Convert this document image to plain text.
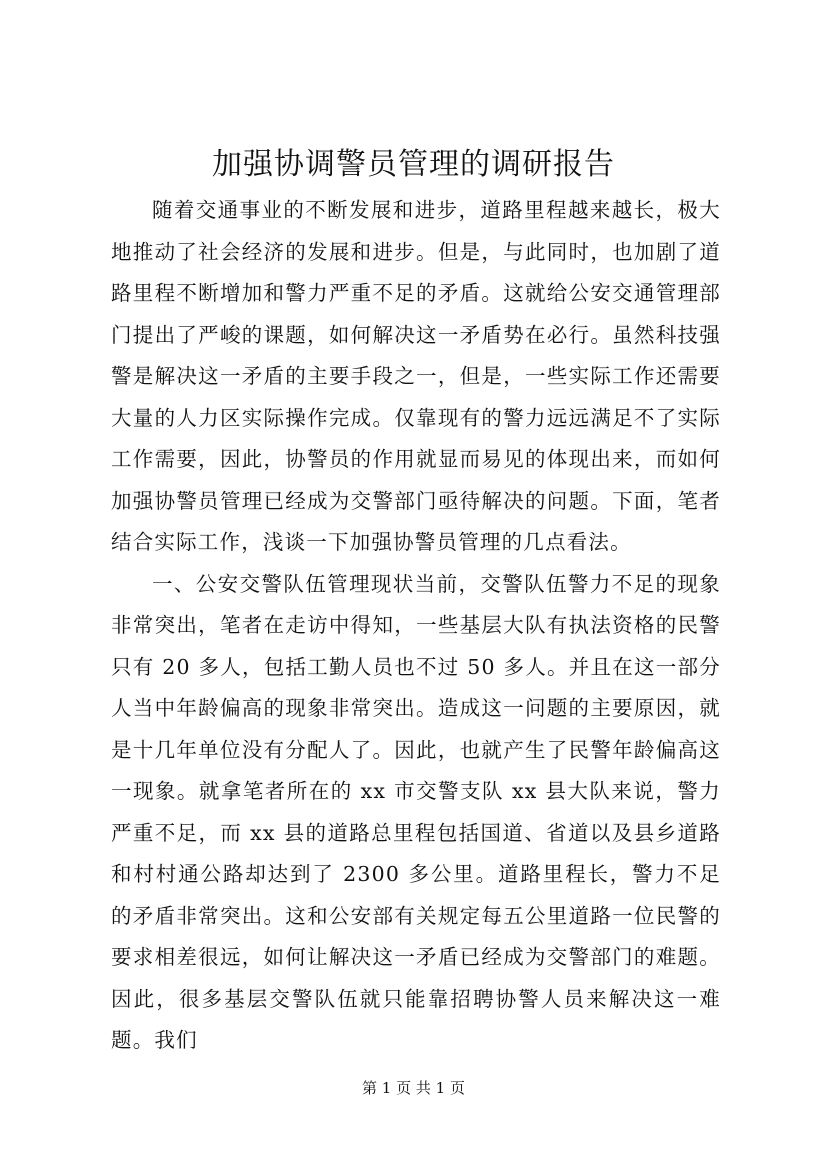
加强协调警员管理的调研报告

随着交通事业的不断发展和进步，道路里程越来越长，极大地推动了社会经济的发展和进步。但是，与此同时，也加剧了道路里程不断增加和警力严重不足的矛盾。这就给公安交通管理部门提出了严峻的课题，如何解决这一矛盾势在必行。虽然科技强警是解决这一矛盾的主要手段之一，但是，一些实际工作还需要大量的人力区实际操作完成。仅靠现有的警力远远满足不了实际工作需要，因此，协警员的作用就显而易见的体现出来，而如何加强协警员管理已经成为交警部门亟待解决的问题。下面，笔者结合实际工作，浅谈一下加强协警员管理的几点看法。

一、公安交警队伍管理现状当前，交警队伍警力不足的现象非常突出，笔者在走访中得知，一些基层大队有执法资格的民警只有 20 多人，包括工勤人员也不过 50 多人。并且在这一部分人当中年龄偏高的现象非常突出。造成这一问题的主要原因，就是十几年单位没有分配人了。因此，也就产生了民警年龄偏高这一现象。就拿笔者所在的 xx 市交警支队 xx 县大队来说，警力严重不足，而 xx 县的道路总里程包括国道、省道以及县乡道路和村村通公路却达到了 2300 多公里。道路里程长，警力不足的矛盾非常突出。这和公安部有关规定每五公里道路一位民警的要求相差很远，如何让解决这一矛盾已经成为交警部门的难题。因此，很多基层交警队伍就只能靠招聘协警人员来解决这一难题。我们

第 1 页 共 1 页
